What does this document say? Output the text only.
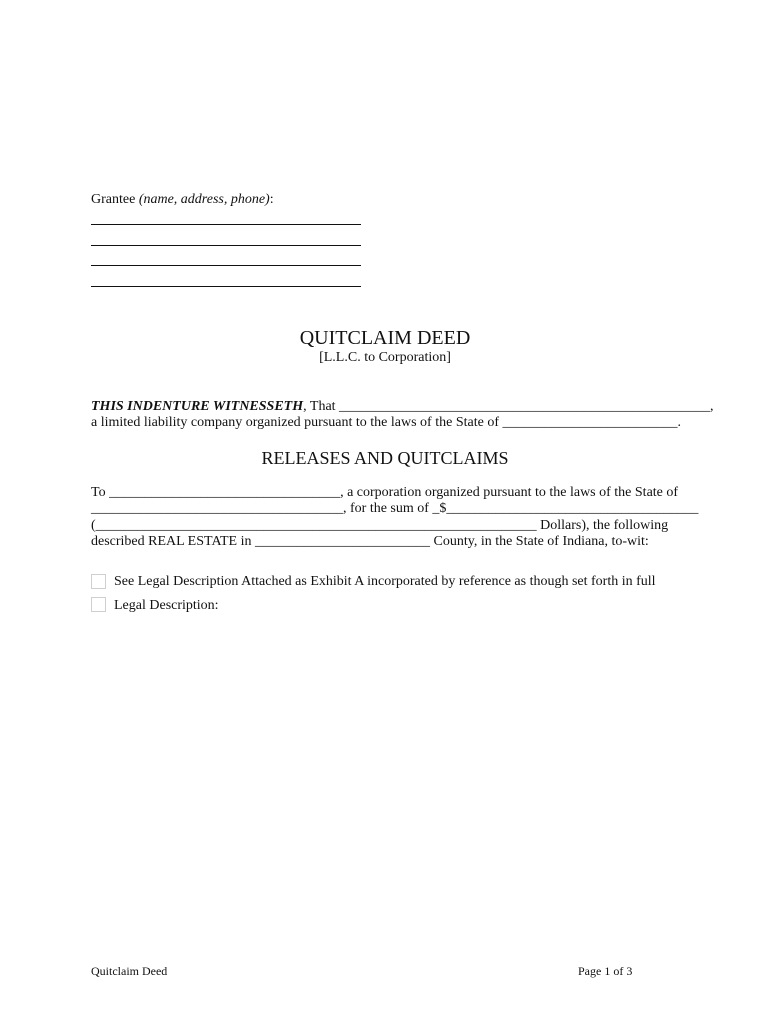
Grantee (name, address, phone):
QUITCLAIM DEED
[L.L.C. to Corporation]
THIS INDENTURE WITNESSETH, That _____________________________________________________,
a limited liability company organized pursuant to the laws of the State of _________________________.
RELEASES AND QUITCLAIMS
To _________________________________, a corporation organized pursuant to the laws of the State of
____________________________________, for the sum of _$____________________________________
(_______________________________________________________________ Dollars), the following
described REAL ESTATE in _________________________ County, in the State of Indiana, to-wit:
See Legal Description Attached as Exhibit A incorporated by reference as though set forth in full
Legal Description:
Quitclaim Deed	Page 1 of 3
